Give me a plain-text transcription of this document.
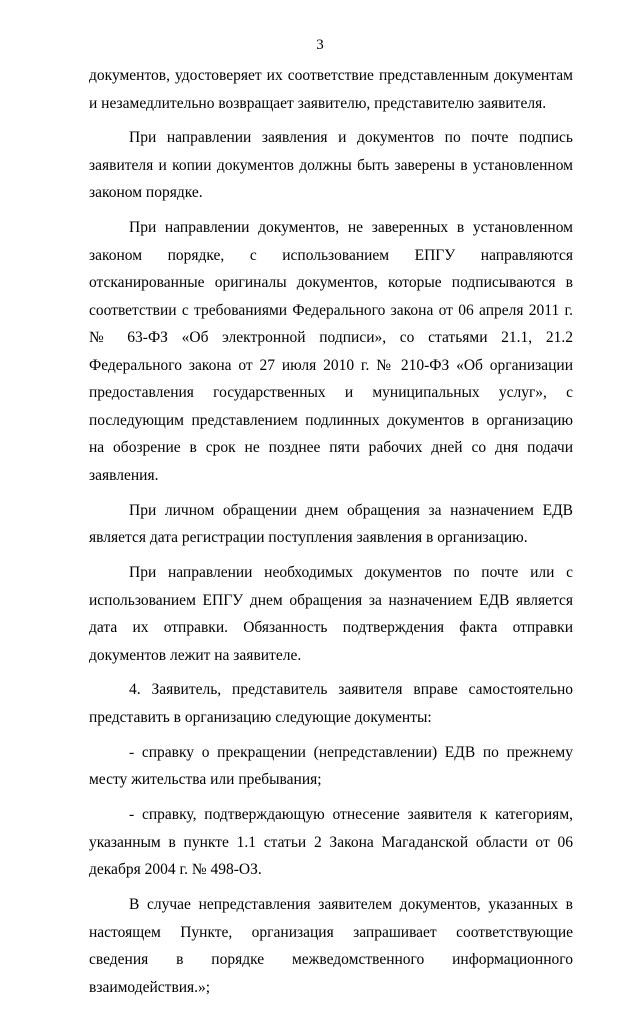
3

документов, удостоверяет их соответствие представленным документам и незамедлительно возвращает заявителю, представителю заявителя.

При направлении заявления и документов по почте подпись заявителя и копии документов должны быть заверены в установленном законом порядке.

При направлении документов, не заверенных в установленном законом порядке, с использованием ЕПГУ направляются отсканированные оригиналы документов, которые подписываются в соответствии с требованиями Федерального закона от 06 апреля 2011 г. № 63-ФЗ «Об электронной подписи», со статьями 21.1, 21.2 Федерального закона от 27 июля 2010 г. № 210-ФЗ «Об организации предоставления государственных и муниципальных услуг», с последующим представлением подлинных документов в организацию на обозрение в срок не позднее пяти рабочих дней со дня подачи заявления.

При личном обращении днем обращения за назначением ЕДВ является дата регистрации поступления заявления в организацию.

При направлении необходимых документов по почте или с использованием ЕПГУ днем обращения за назначением ЕДВ является дата их отправки. Обязанность подтверждения факта отправки документов лежит на заявителе.

4. Заявитель, представитель заявителя вправе самостоятельно представить в организацию следующие документы:

- справку о прекращении (непредставлении) ЕДВ по прежнему месту жительства или пребывания;

- справку, подтверждающую отнесение заявителя к категориям, указанным в пункте 1.1 статьи 2 Закона Магаданской области от 06 декабря 2004 г. № 498-ОЗ.

В случае непредставления заявителем документов, указанных в настоящем Пункте, организация запрашивает соответствующие сведения в порядке межведомственного информационного взаимодействия.»;
